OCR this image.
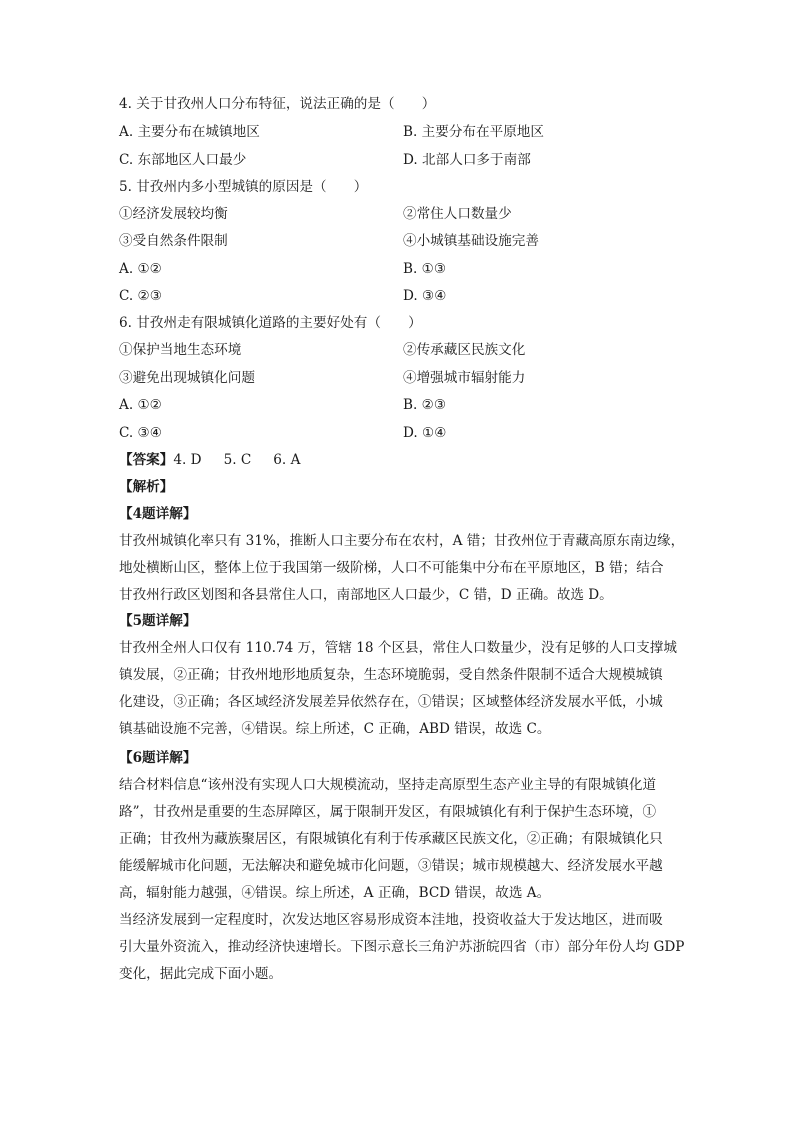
4. 关于甘孜州人口分布特征，说法正确的是（　　）
A. 主要分布在城镇地区	B. 主要分布在平原地区
C. 东部地区人口最少	D. 北部人口多于南部
5. 甘孜州内多小型城镇的原因是（　　）
①经济发展较均衡	②常住人口数量少
③受自然条件限制	④小城镇基础设施完善
A. ①②	B. ①③
C. ②③	D. ③④
6. 甘孜州走有限城镇化道路的主要好处有（　　）
①保护当地生态环境	②传承藏区民族文化
③避免出现城镇化问题	④增强城市辐射能力
A. ①②	B. ②③
C. ③④	D. ①④
【答案】4. D 5. C 6. A
【解析】
【4题详解】
甘孜州城镇化率只有 31%，推断人口主要分布在农村，A 错；甘孜州位于青藏高原东南边缘，
地处横断山区，整体上位于我国第一级阶梯，人口不可能集中分布在平原地区，B 错；结合
甘孜州行政区划图和各县常住人口，南部地区人口最少，C 错，D 正确。故选 D。
【5题详解】
甘孜州全州人口仅有 110.74 万，管辖 18 个区县，常住人口数量少，没有足够的人口支撑城
镇发展，②正确；甘孜州地形地质复杂，生态环境脆弱，受自然条件限制不适合大规模城镇
化建设，③正确；各区域经济发展差异依然存在，①错误；区域整体经济发展水平低，小城
镇基础设施不完善，④错误。综上所述，C 正确，ABD 错误，故选 C。
【6题详解】
结合材料信息“该州没有实现人口大规模流动，坚持走高原型生态产业主导的有限城镇化道
路”，甘孜州是重要的生态屏障区，属于限制开发区，有限城镇化有利于保护生态环境，①
正确；甘孜州为藏族聚居区，有限城镇化有利于传承藏区民族文化，②正确；有限城镇化只
能缓解城市化问题，无法解决和避免城市化问题，③错误；城市规模越大、经济发展水平越
高，辐射能力越强，④错误。综上所述，A 正确，BCD 错误，故选 A。
当经济发展到一定程度时，次发达地区容易形成资本洼地，投资收益大于发达地区，进而吸
引大量外资流入，推动经济快速增长。下图示意长三角沪苏浙皖四省（市）部分年份人均 GDP
变化，据此完成下面小题。
